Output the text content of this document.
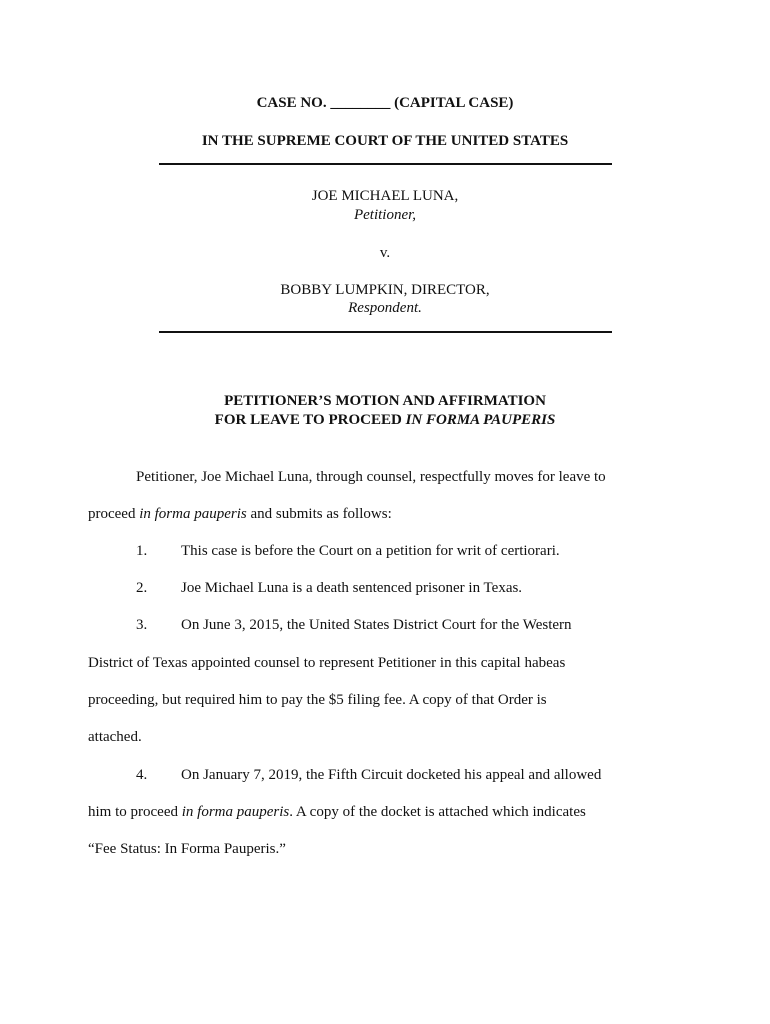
CASE NO. ________ (CAPITAL CASE)
IN THE SUPREME COURT OF THE UNITED STATES
JOE MICHAEL LUNA,
Petitioner,
v.
BOBBY LUMPKIN, DIRECTOR,
Respondent.
PETITIONER’S MOTION AND AFFIRMATION
FOR LEAVE TO PROCEED IN FORMA PAUPERIS
Petitioner, Joe Michael Luna, through counsel, respectfully moves for leave to
proceed in forma pauperis and submits as follows:
1. This case is before the Court on a petition for writ of certiorari.
2. Joe Michael Luna is a death sentenced prisoner in Texas.
3. On June 3, 2015, the United States District Court for the Western
District of Texas appointed counsel to represent Petitioner in this capital habeas
proceeding, but required him to pay the $5 filing fee. A copy of that Order is
attached.
4. On January 7, 2019, the Fifth Circuit docketed his appeal and allowed
him to proceed in forma pauperis. A copy of the docket is attached which indicates
“Fee Status: In Forma Pauperis.”
